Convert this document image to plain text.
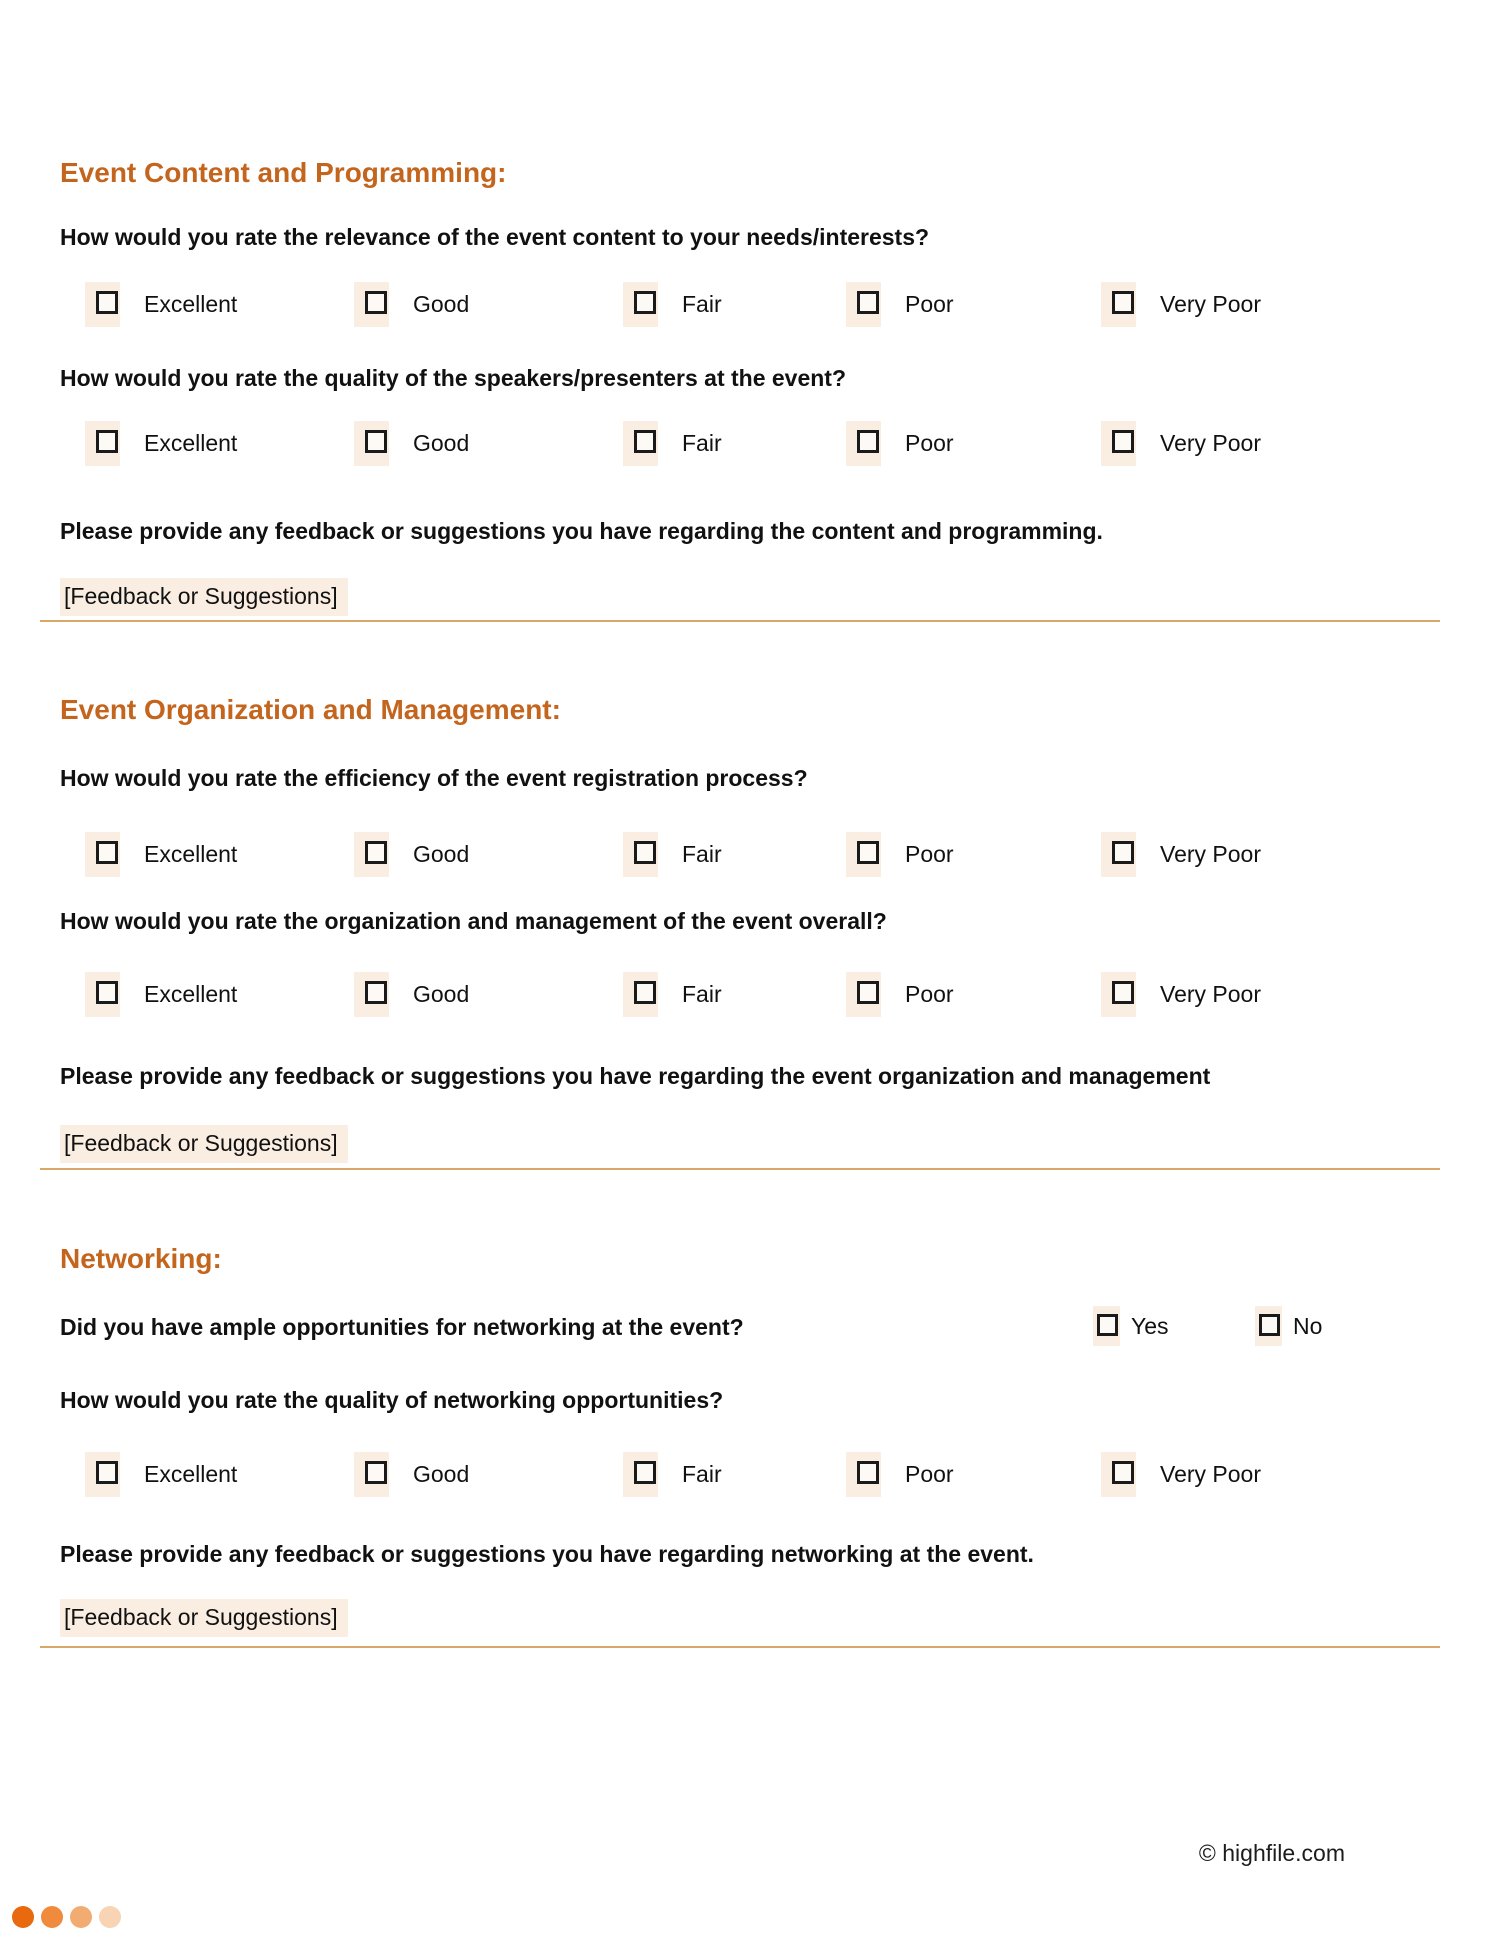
Event Content and Programming:

How would you rate the relevance of the event content to your needs/interests?

Excellent	Good	Fair	Poor	Very Poor

How would you rate the quality of the speakers/presenters at the event?

Excellent	Good	Fair	Poor	Very Poor

Please provide any feedback or suggestions you have regarding the content and programming.

[Feedback or Suggestions]
Event Organization and Management:

How would you rate the efficiency of the event registration process?

Excellent	Good	Fair	Poor	Very Poor

How would you rate the organization and management of the event overall?

Excellent	Good	Fair	Poor	Very Poor

Please provide any feedback or suggestions you have regarding the event organization and management

[Feedback or Suggestions]
Networking:
Did you have ample opportunities for networking at the event?	Yes	No

How would you rate the quality of networking opportunities?

Excellent	Good	Fair	Poor	Very Poor

Please provide any feedback or suggestions you have regarding networking at the event.

[Feedback or Suggestions]
© highfile.com
